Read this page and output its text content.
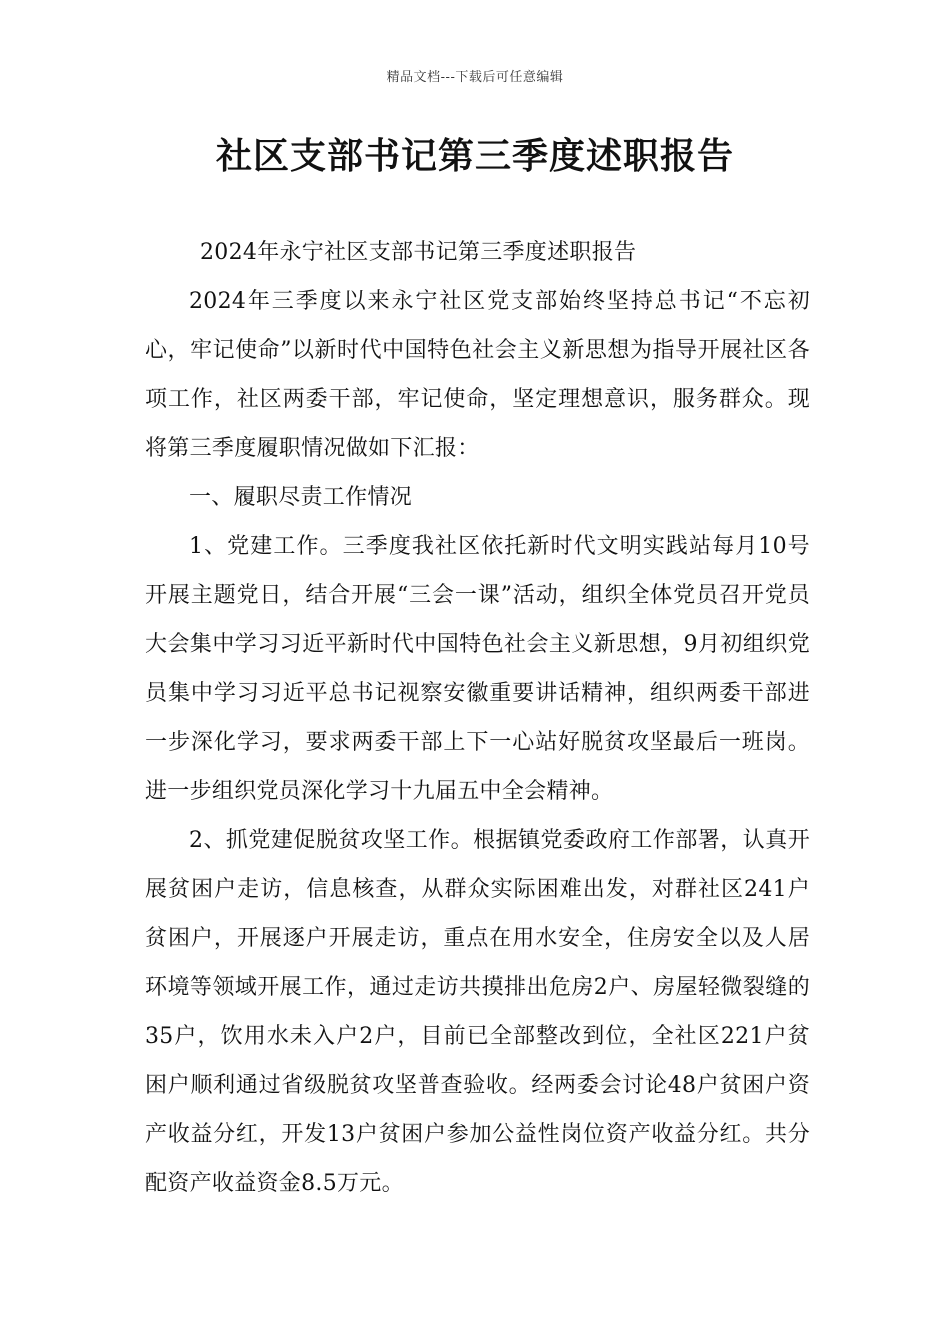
精品文档---下载后可任意编辑
社区支部书记第三季度述职报告

2024年永宁社区支部书记第三季度述职报告

2024年三季度以来永宁社区党支部始终坚持总书记“不忘初心，牢记使命”以新时代中国特色社会主义新思想为指导开展社区各项工作，社区两委干部，牢记使命，坚定理想意识，服务群众。现将第三季度履职情况做如下汇报：

一、履职尽责工作情况

1、党建工作。三季度我社区依托新时代文明实践站每月10号开展主题党日，结合开展“三会一课”活动，组织全体党员召开党员大会集中学习习近平新时代中国特色社会主义新思想，9月初组织党员集中学习习近平总书记视察安徽重要讲话精神，组织两委干部进一步深化学习，要求两委干部上下一心站好脱贫攻坚最后一班岗。进一步组织党员深化学习十九届五中全会精神。

2、抓党建促脱贫攻坚工作。根据镇党委政府工作部署，认真开展贫困户走访，信息核查，从群众实际困难出发，对群社区241户贫困户，开展逐户开展走访，重点在用水安全，住房安全以及人居环境等领域开展工作，通过走访共摸排出危房2户、房屋轻微裂缝的35户，饮用水未入户2户，目前已全部整改到位，全社区221户贫困户顺利通过省级脱贫攻坚普查验收。经两委会讨论48户贫困户资产收益分红，开发13户贫困户参加公益性岗位资产收益分红。共分配资产收益资金8.5万元。
